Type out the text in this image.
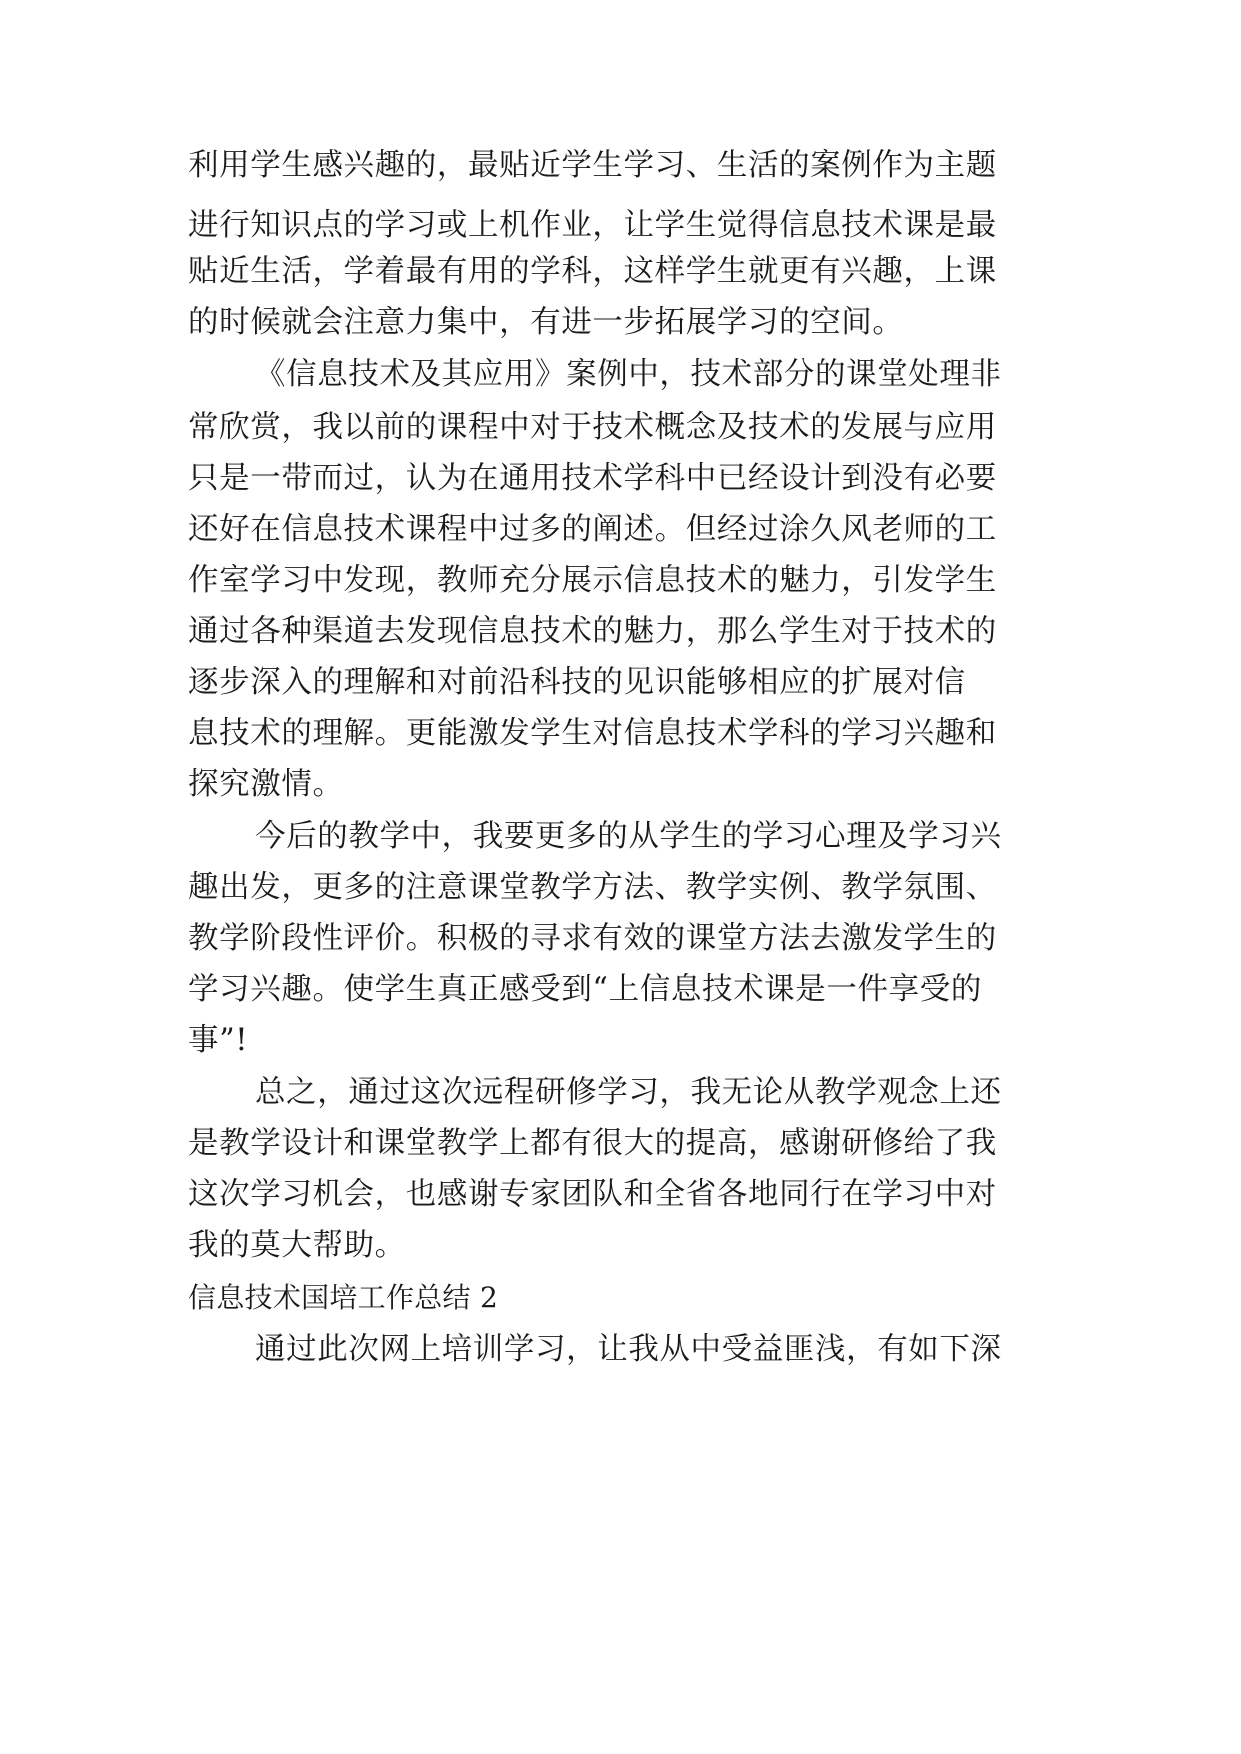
利用学生感兴趣的，最贴近学生学习、生活的案例作为主题
进行知识点的学习或上机作业，让学生觉得信息技术课是最
贴近生活，学着最有用的学科，这样学生就更有兴趣，上课
的时候就会注意力集中，有进一步拓展学习的空间。
《信息技术及其应用》案例中，技术部分的课堂处理非
常欣赏，我以前的课程中对于技术概念及技术的发展与应用
只是一带而过，认为在通用技术学科中已经设计到没有必要
还好在信息技术课程中过多的阐述。但经过涂久风老师的工
作室学习中发现，教师充分展示信息技术的魅力，引发学生
通过各种渠道去发现信息技术的魅力，那么学生对于技术的
逐步深入的理解和对前沿科技的见识能够相应的扩展对信
息技术的理解。更能激发学生对信息技术学科的学习兴趣和
探究激情。
今后的教学中，我要更多的从学生的学习心理及学习兴
趣出发，更多的注意课堂教学方法、教学实例、教学氛围、
教学阶段性评价。积极的寻求有效的课堂方法去激发学生的
学习兴趣。使学生真正感受到“上信息技术课是一件享受的
事”!
总之，通过这次远程研修学习，我无论从教学观念上还
是教学设计和课堂教学上都有很大的提高，感谢研修给了我
这次学习机会，也感谢专家团队和全省各地同行在学习中对
我的莫大帮助。
信息技术国培工作总结 2
通过此次网上培训学习，让我从中受益匪浅，有如下深
